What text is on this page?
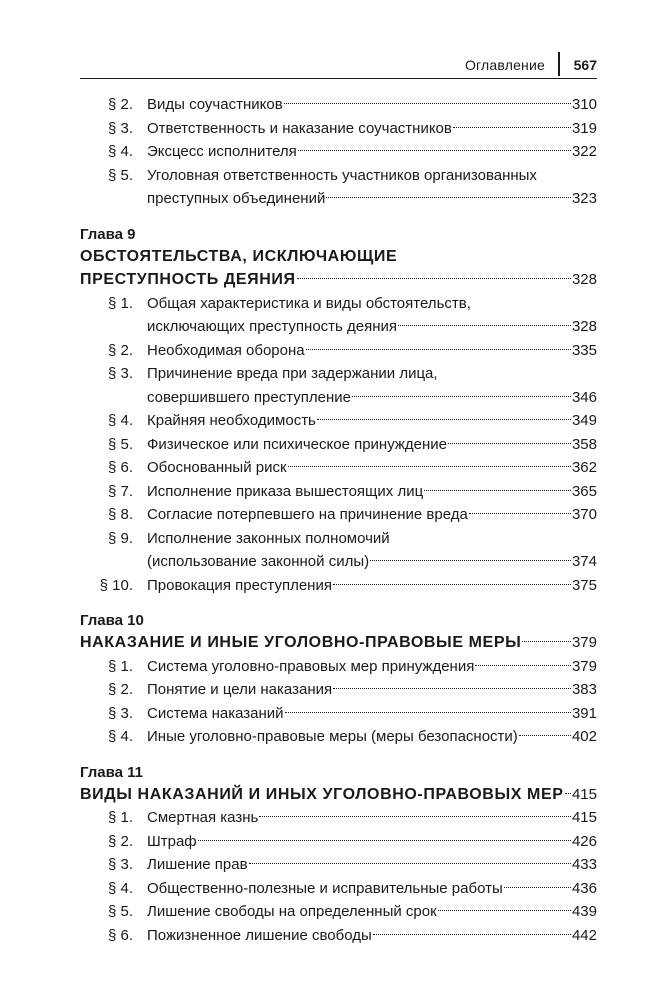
Оглавление 567
§ 2. Виды соучастников	310
§ 3. Ответственность и наказание соучастников	319
§ 4. Эксцесс исполнителя	322
§ 5. Уголовная ответственность участников организованных
преступных объединений	323
Глава 9
ОБСТОЯТЕЛЬСТВА, ИСКЛЮЧАЮЩИЕ
ПРЕСТУПНОСТЬ ДЕЯНИЯ	328
§ 1. Общая характеристика и виды обстоятельств,
исключающих преступность деяния	328
§ 2. Необходимая оборона	335
§ 3. Причинение вреда при задержании лица,
совершившего преступление	346
§ 4. Крайняя необходимость	349
§ 5. Физическое или психическое принуждение	358
§ 6. Обоснованный риск	362
§ 7. Исполнение приказа вышестоящих лиц	365
§ 8. Согласие потерпевшего на причинение вреда	370
§ 9. Исполнение законных полномочий
(использование законной силы)	374
§ 10. Провокация преступления	375
Глава 10
НАКАЗАНИЕ И ИНЫЕ УГОЛОВНО-ПРАВОВЫЕ МЕРЫ	379
§ 1. Система уголовно-правовых мер принуждения	379
§ 2. Понятие и цели наказания	383
§ 3. Система наказаний	391
§ 4. Иные уголовно-правовые меры (меры безопасности)	402
Глава 11
ВИДЫ НАКАЗАНИЙ И ИНЫХ УГОЛОВНО-ПРАВОВЫХ МЕР 415
§ 1. Смертная казнь	415
§ 2. Штраф	426
§ 3. Лишение прав	433
§ 4. Общественно-полезные и исправительные работы	436
§ 5. Лишение свободы на определенный срок	439
§ 6. Пожизненное лишение свободы	442
